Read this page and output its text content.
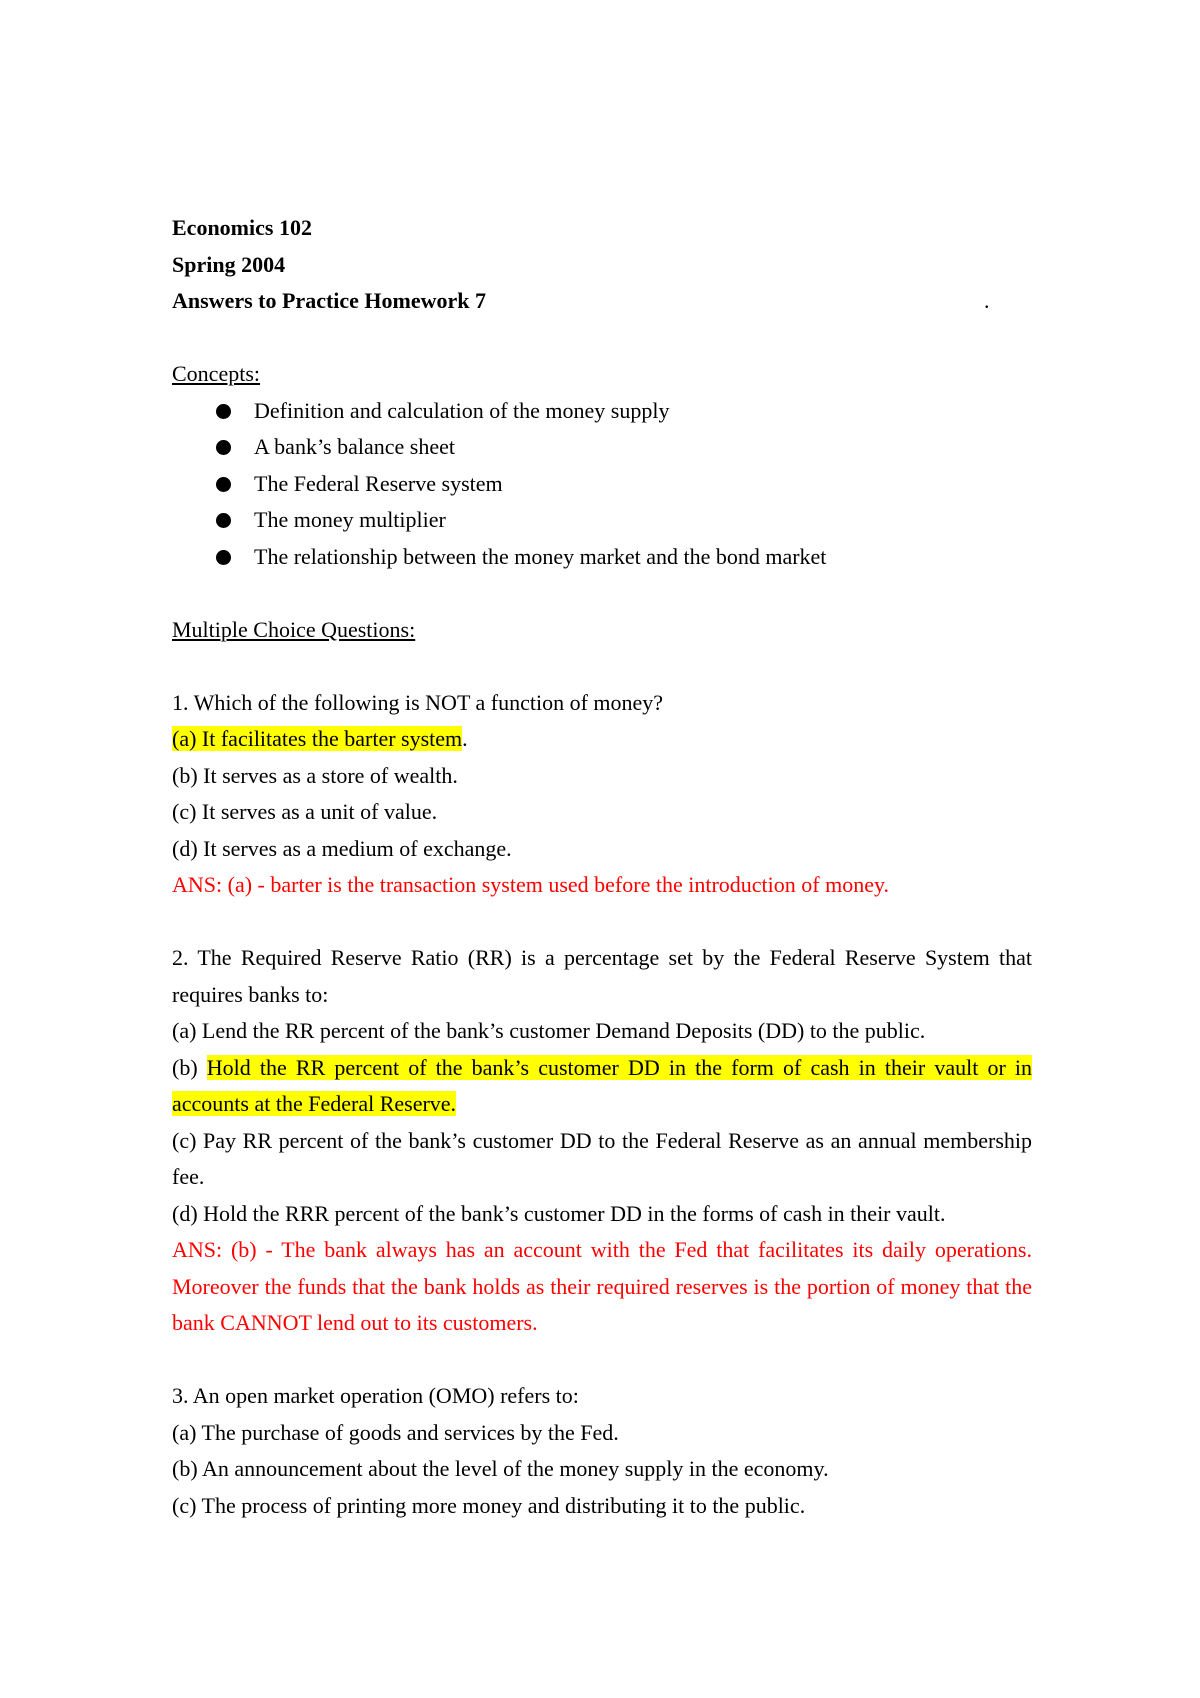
Economics 102
Spring 2004
Answers to Practice Homework 7	.
Concepts:
Definition and calculation of the money supply
A bank’s balance sheet
The Federal Reserve system
The money multiplier
The relationship between the money market and the bond market
Multiple Choice Questions:
1. Which of the following is NOT a function of money?
(a) It facilitates the barter system.
(b) It serves as a store of wealth.
(c) It serves as a unit of value.
(d) It serves as a medium of exchange.
ANS: (a) - barter is the transaction system used before the introduction of money.
2. The Required Reserve Ratio (RR) is a percentage set by the Federal Reserve System that requires banks to:
(a) Lend the RR percent of the bank’s customer Demand Deposits (DD) to the public.
(b) Hold the RR percent of the bank’s customer DD in the form of cash in their vault or in accounts at the Federal Reserve.
(c) Pay RR percent of the bank’s customer DD to the Federal Reserve as an annual membership fee.
(d) Hold the RRR percent of the bank’s customer DD in the forms of cash in their vault.
ANS: (b) - The bank always has an account with the Fed that facilitates its daily operations. Moreover the funds that the bank holds as their required reserves is the portion of money that the bank CANNOT lend out to its customers.
3. An open market operation (OMO) refers to:
(a) The purchase of goods and services by the Fed.
(b) An announcement about the level of the money supply in the economy.
(c) The process of printing more money and distributing it to the public.
